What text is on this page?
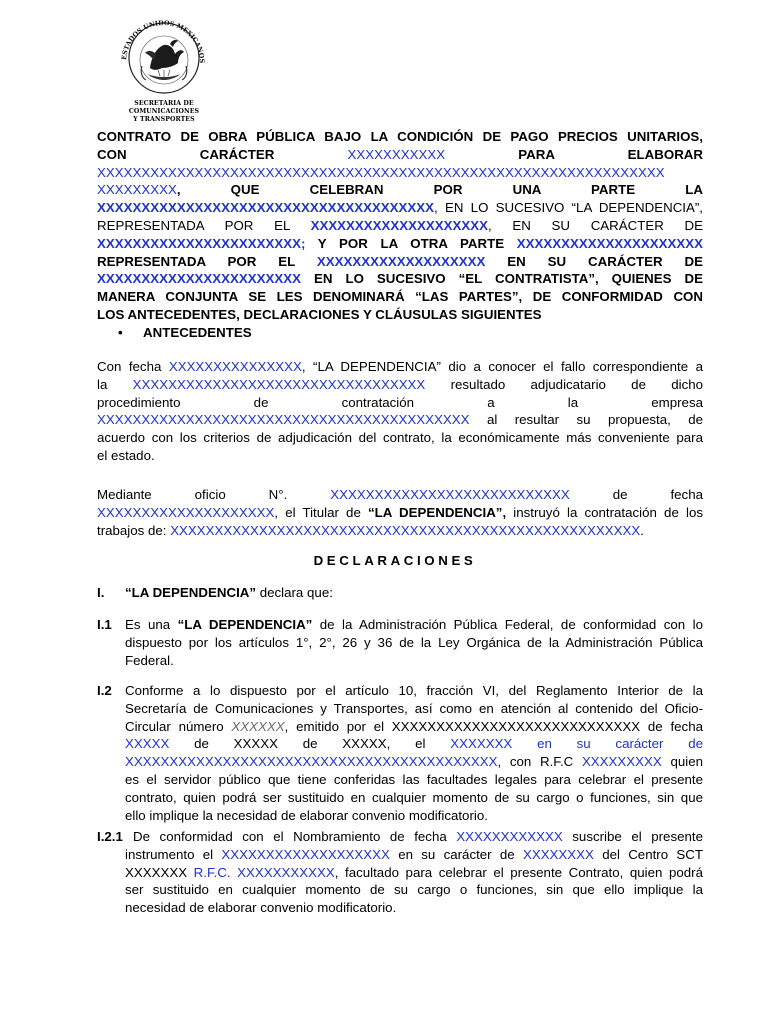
ESTADOS UNIDOS MEXICANOS
SECRETARIA DE COMUNICACIONES
Y TRANSPORTES
CONTRATO DE OBRA PÚBLICA BAJO LA CONDICIÓN DE PAGO PRECIOS UNITARIOS,
CON CARÁCTER	XXXXXXXXXXX	PARA ELABORAR
XXXXXXXXXXXXXXXXXXXXXXXXXXXXXXXXXXXXXXXXXXXXXXXXXXXXXXXXXXXXXXXX
XXXXXXXXX, QUE CELEBRAN POR UNA PARTE LA
XXXXXXXXXXXXXXXXXXXXXXXXXXXXXXXXXXXXXX, EN LO SUCESIVO “LA DEPENDENCIA”,
REPRESENTADA POR EL XXXXXXXXXXXXXXXXXXXX, EN SU CARÁCTER DE
XXXXXXXXXXXXXXXXXXXXXXX; Y POR LA OTRA PARTE XXXXXXXXXXXXXXXXXXXXX
REPRESENTADA POR EL XXXXXXXXXXXXXXXXXXX EN SU CARÁCTER DE
XXXXXXXXXXXXXXXXXXXXXXX EN LO SUCESIVO “EL CONTRATISTA”, QUIENES DE
MANERA CONJUNTA SE LES DENOMINARÁ “LAS PARTES”, DE CONFORMIDAD CON
LOS ANTECEDENTES, DECLARACIONES Y CLÁUSULAS SIGUIENTES
• ANTECEDENTES
Con fecha XXXXXXXXXXXXXXX, “LA DEPENDENCIA” dio a conocer el fallo correspondiente a
la XXXXXXXXXXXXXXXXXXXXXXXXXXXXXXXXX resultado adjudicatario de dicho
procedimiento	de	contratación	a	la	empresa
XXXXXXXXXXXXXXXXXXXXXXXXXXXXXXXXXXXXXXXXXX al resultar su propuesta, de
acuerdo con los criterios de adjudicación del contrato, la económicamente más conveniente para
el estado.
Mediante oficio N°.	XXXXXXXXXXXXXXXXXXXXXXXXXXX	de fecha
XXXXXXXXXXXXXXXXXXXX, el Titular de “LA DEPENDENCIA”, instruyó la contratación de los
trabajos de: XXXXXXXXXXXXXXXXXXXXXXXXXXXXXXXXXXXXXXXXXXXXXXXXXXXXX.
DECLARACIONES
I. “LA DEPENDENCIA” declara que:
I.1 Es una “LA DEPENDENCIA” de la Administración Pública Federal, de conformidad con lo
dispuesto por los artículos 1°, 2°, 26 y 36 de la Ley Orgánica de la Administración Pública
Federal.
I.2 Conforme a lo dispuesto por el artículo 10, fracción VI, del Reglamento Interior de la
Secretaría de Comunicaciones y Transportes, así como en atención al contenido del Oficio-
Circular número XXXXXX, emitido por el XXXXXXXXXXXXXXXXXXXXXXXXXXXX de fecha
XXXXX de XXXXX de XXXXX, el XXXXXXX en su carácter de
XXXXXXXXXXXXXXXXXXXXXXXXXXXXXXXXXXXXXXXXXX, con R.F.C XXXXXXXXX quien
es el servidor público que tiene conferidas las facultades legales para celebrar el presente
contrato, quien podrá ser sustituido en cualquier momento de su cargo o funciones, sin que
ello implique la necesidad de elaborar convenio modificatorio.
I.2.1 De conformidad con el Nombramiento de fecha XXXXXXXXXXXX suscribe el presente
instrumento el XXXXXXXXXXXXXXXXXXX en su carácter de XXXXXXXX del Centro SCT
XXXXXXX R.F.C. XXXXXXXXXXX, facultado para celebrar el presente Contrato, quien podrá
ser sustituido en cualquier momento de su cargo o funciones, sin que ello implique la
necesidad de elaborar convenio modificatorio.
